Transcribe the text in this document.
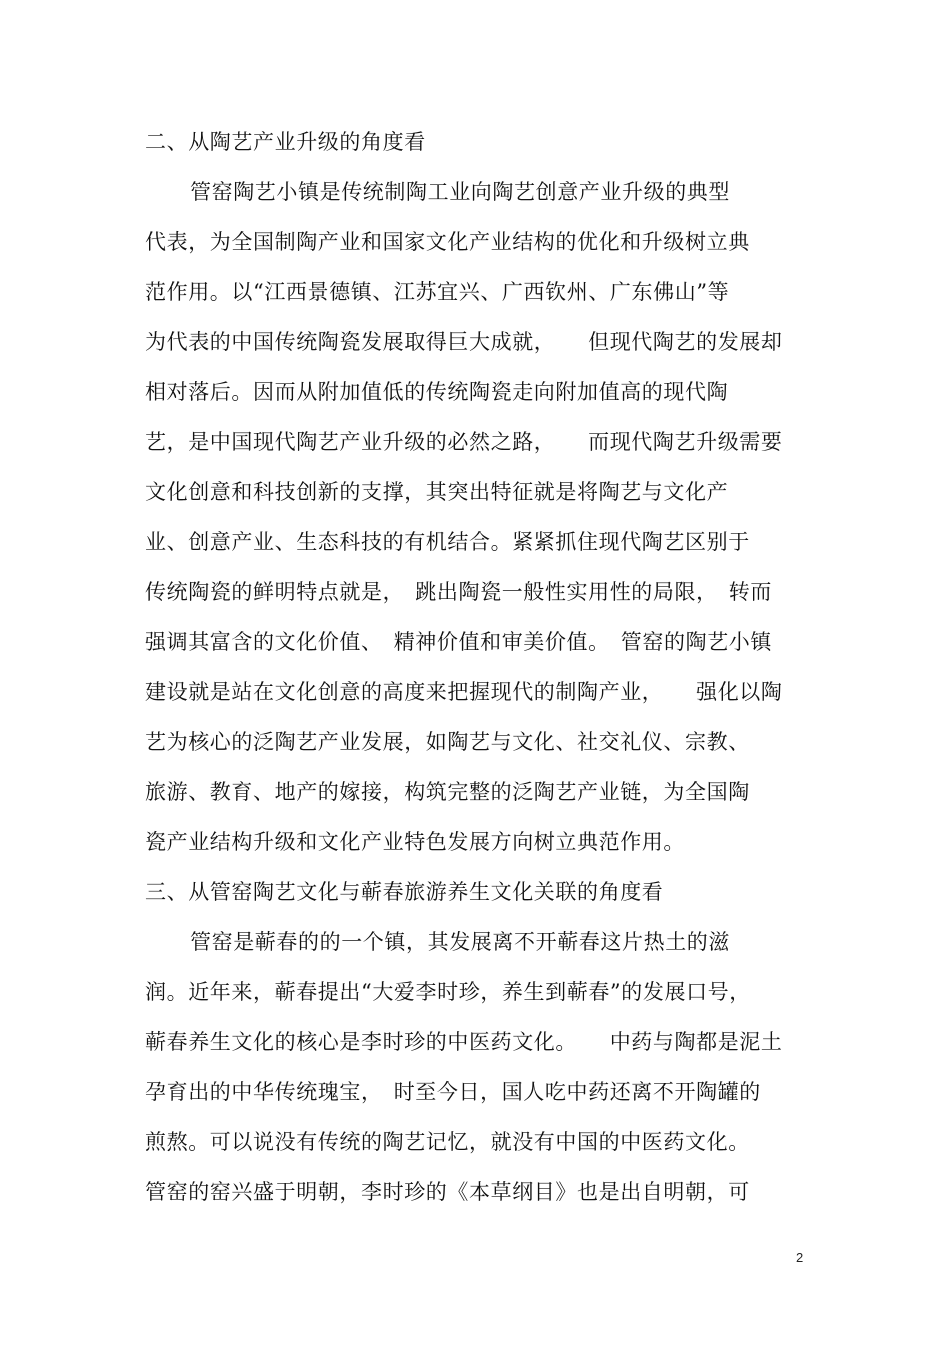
二、从陶艺产业升级的角度看
管窑陶艺小镇是传统制陶工业向陶艺创意产业升级的典型
代表，为全国制陶产业和国家文化产业结构的优化和升级树立典
范作用。以“江西景德镇、江苏宜兴、广西钦州、广东佛山”等
为代表的中国传统陶瓷发展取得巨大成就，　　但现代陶艺的发展却
相对落后。因而从附加值低的传统陶瓷走向附加值高的现代陶
艺，是中国现代陶艺产业升级的必然之路，　　而现代陶艺升级需要
文化创意和科技创新的支撑，其突出特征就是将陶艺与文化产
业、创意产业、生态科技的有机结合。紧紧抓住现代陶艺区别于
传统陶瓷的鲜明特点就是，　跳出陶瓷一般性实用性的局限，　转而
强调其富含的文化价值、　精神价值和审美价值。　管窑的陶艺小镇
建设就是站在文化创意的高度来把握现代的制陶产业，　　强化以陶
艺为核心的泛陶艺产业发展，如陶艺与文化、社交礼仪、宗教、
旅游、教育、地产的嫁接，构筑完整的泛陶艺产业链，为全国陶
瓷产业结构升级和文化产业特色发展方向树立典范作用。
三、从管窑陶艺文化与蕲春旅游养生文化关联的角度看
管窑是蕲春的的一个镇，其发展离不开蕲春这片热土的滋
润。近年来，蕲春提出“大爱李时珍，养生到蕲春”的发展口号，
蕲春养生文化的核心是李时珍的中医药文化。　　中药与陶都是泥土
孕育出的中华传统瑰宝，　时至今日，国人吃中药还离不开陶罐的
煎熬。可以说没有传统的陶艺记忆，就没有中国的中医药文化。
管窑的窑兴盛于明朝，李时珍的《本草纲目》也是出自明朝，可
2
